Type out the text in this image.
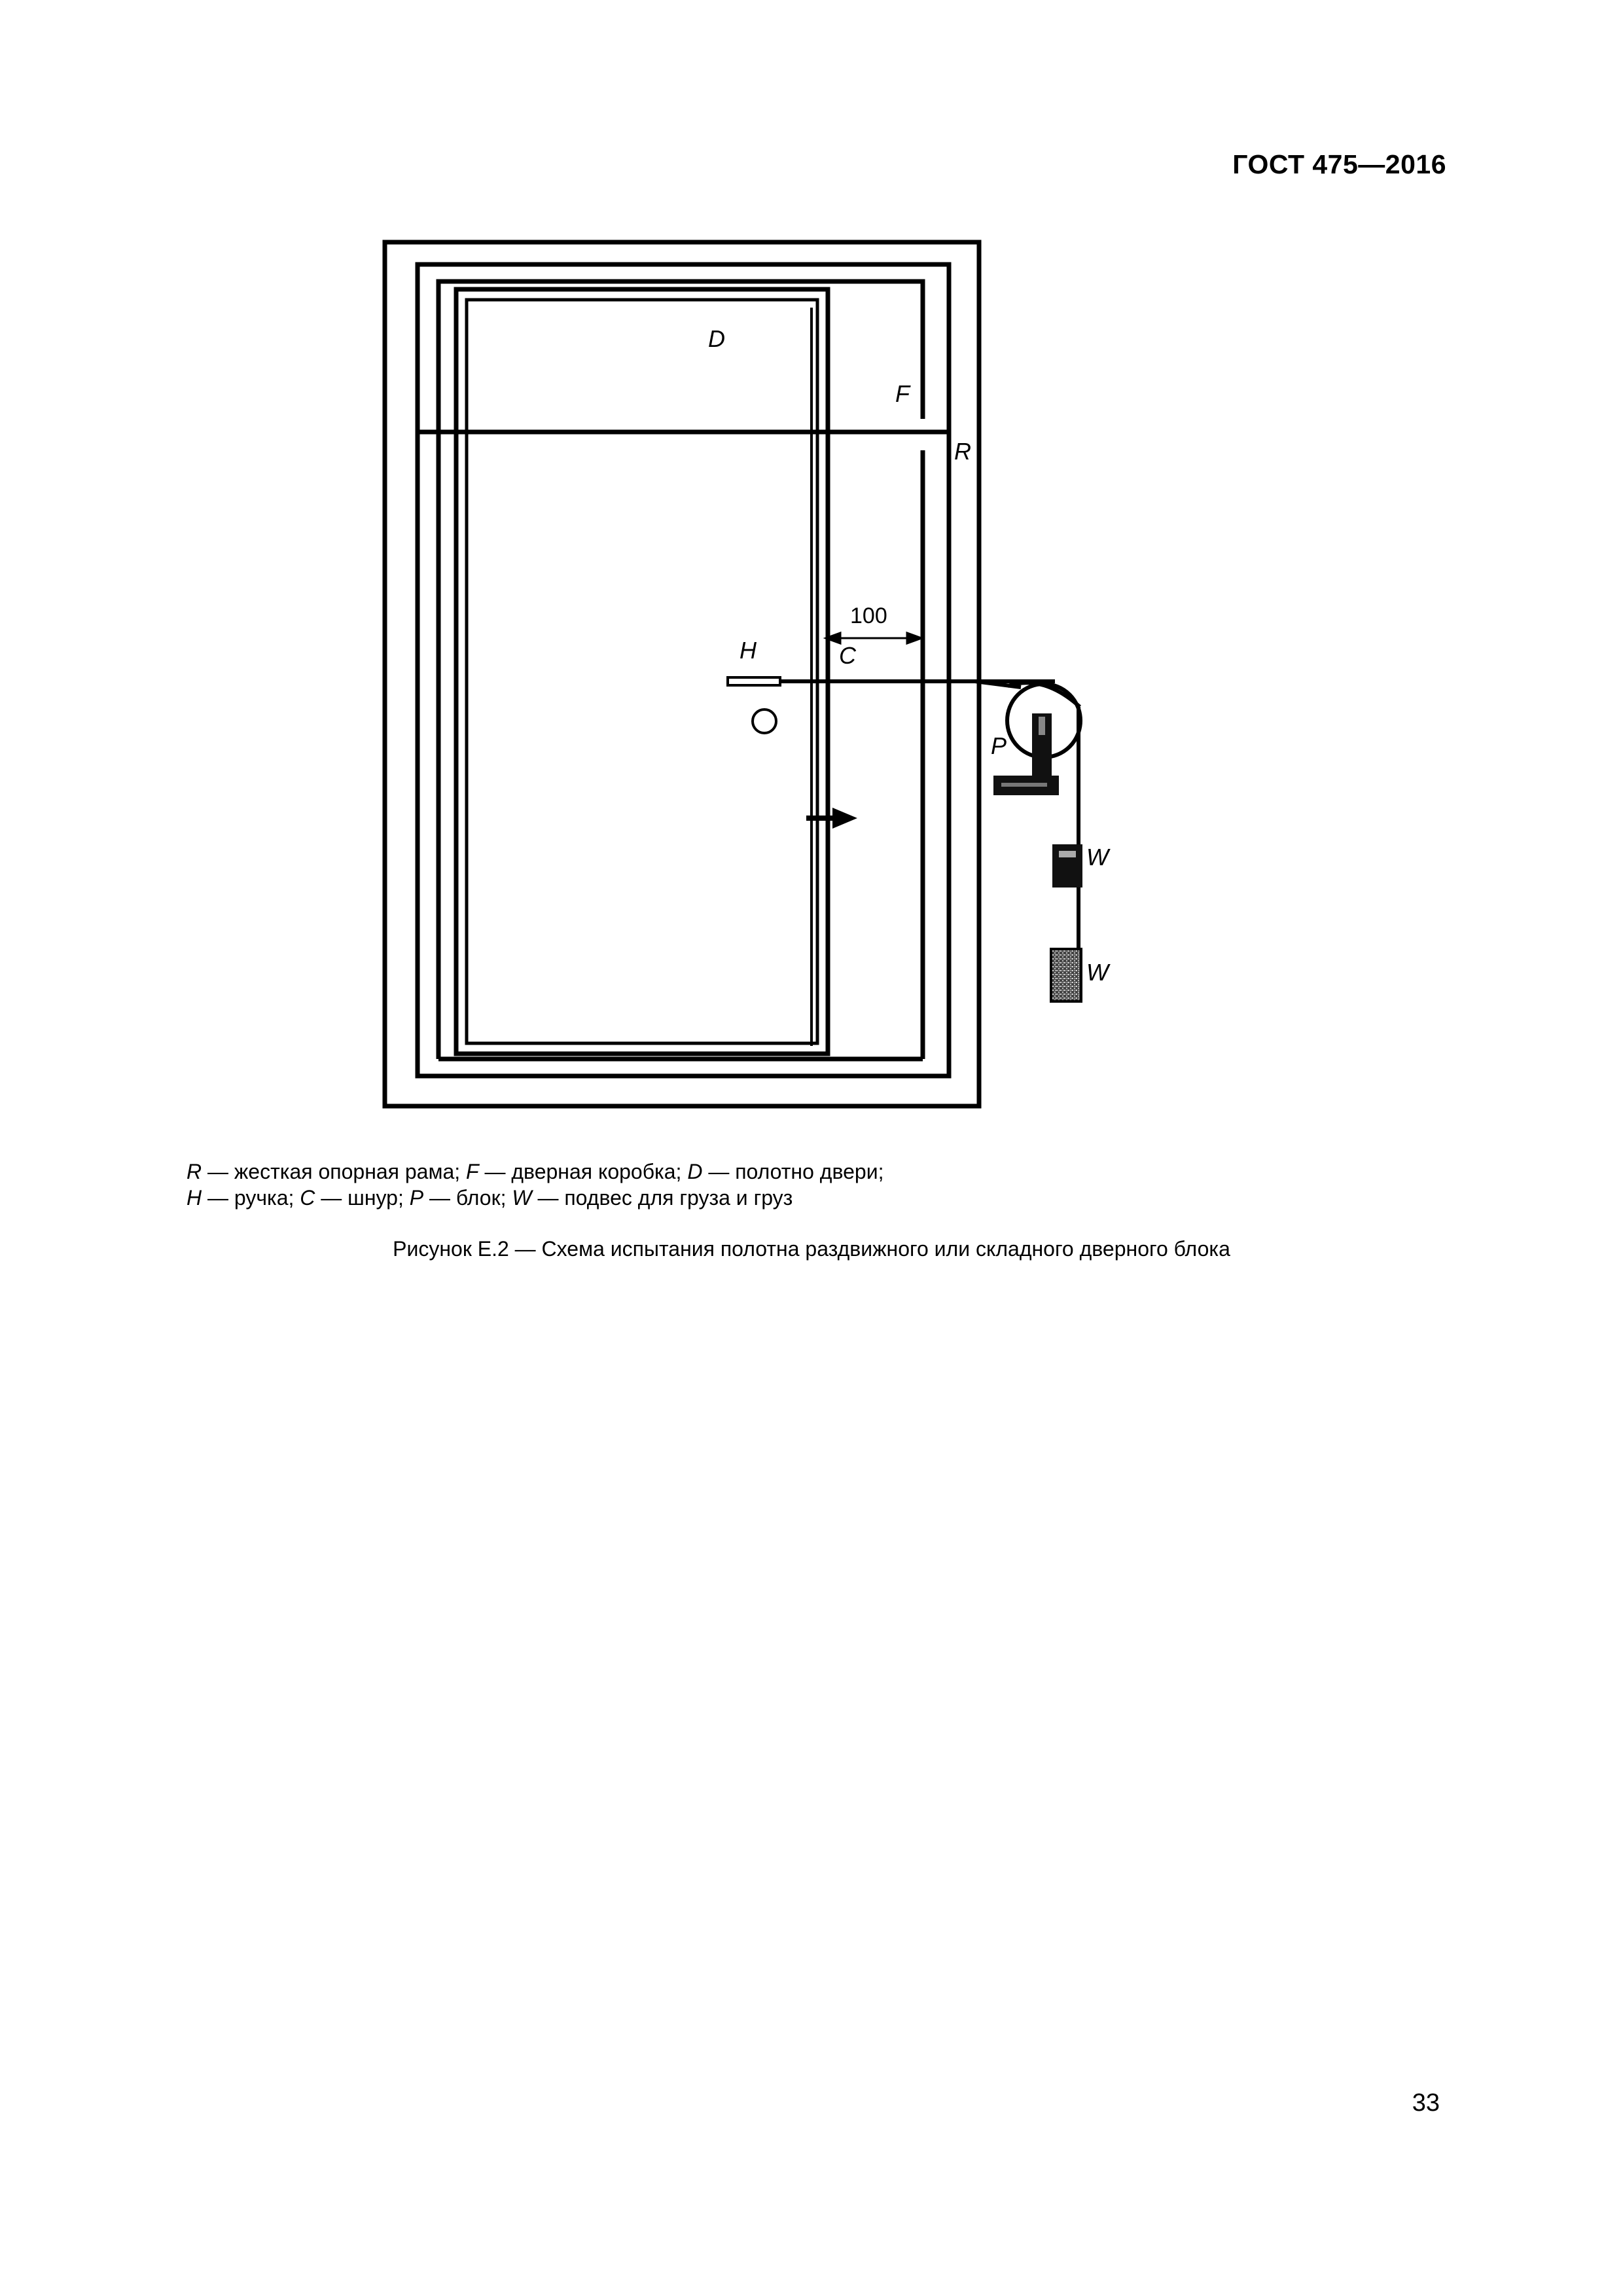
ГОСТ 475—2016
100
D
F
R
H	C
P
W
W
R — жесткая опорная рама; F — дверная коробка; D — полотно двери;
H — ручка; C — шнур; P — блок; W — подвес для груза и груз
Рисунок Е.2 — Схема испытания полотна раздвижного или складного дверного блока
33
